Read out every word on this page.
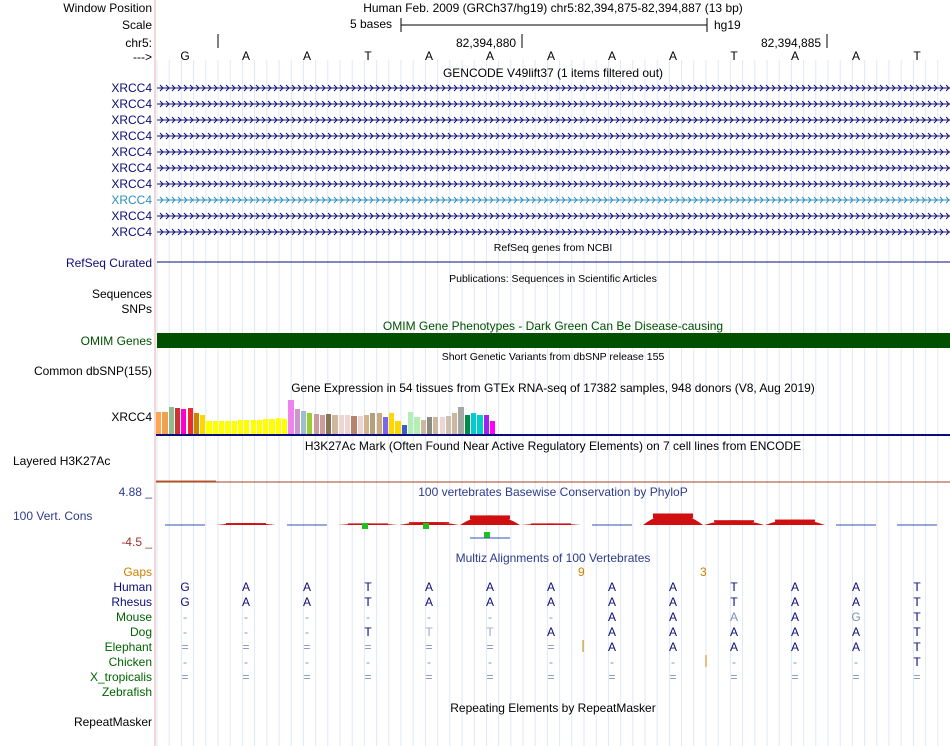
Window Position	Human Feb. 2009 (GRCh37/hg19) chr5:82,394,875-82,394,887 (13 bp)
Scale	5 bases	hg19
chr5:	82,394,880	82,394,885
---> G	A	A	T	A	A	A	A	A	T	A	A	T
GENCODE V49lift37 (1 items filtered out)
XRCC4
XRCC4
XRCC4
XRCC4
XRCC4
XRCC4
XRCC4
XRCC4
XRCC4
XRCC4
RefSeq genes from NCBI
RefSeq Curated
Publications: Sequences in Scientific Articles
Sequences
SNPs
OMIM Gene Phenotypes - Dark Green Can Be Disease-causing
OMIM Genes
Short Genetic Variants from dbSNP release 155
Common dbSNP(155)
Gene Expression in 54 tissues from GTEx RNA-seq of 17382 samples, 948 donors (V8, Aug 2019)
XRCC4
H3K27Ac Mark (Often Found Near Active Regulatory Elements) on 7 cell lines from ENCODE
Layered H3K27Ac
100 vertebrates Basewise Conservation by PhyloP
4.88 _
100 Vert. Cons
-4.5 _
Multiz Alignments of 100 Vertebrates
Gaps	9	3
Human G	A	A	T	A	A	A	A	A	T	A	A	T
Rhesus G	A	A	T	A	A	A	A	A	T	A	A	T
Mouse	-	-	-	-	-	-	-	A	A	A	A	G	T
Dog	-	-	-	T	T	T	A	A	A	A	A	A	T
Elephant =	=	=	=	=	=	=	A	A	A	A	A	T
Chicken	-	-	-	-	-	-	-	-	-	-	-	-	T
X_tropicalis =	=	=	=	=	=	=	=	=	=	=	=	=
Zebrafish
Repeating Elements by RepeatMasker
RepeatMasker
